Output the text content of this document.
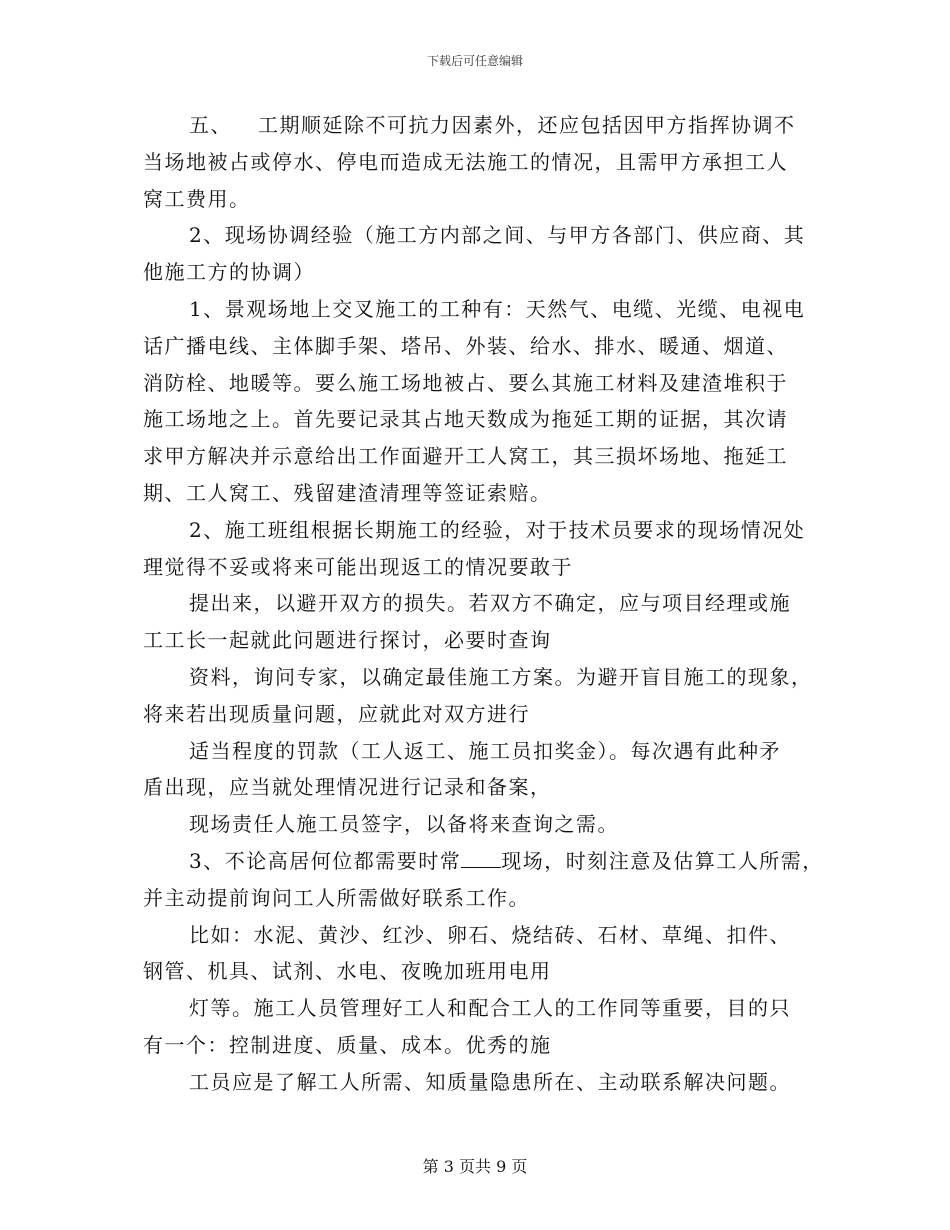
下载后可任意编辑
五、 工期顺延除不可抗力因素外，还应包括因甲方指挥协调不
当场地被占或停水、停电而造成无法施工的情况，且需甲方承担工人
窝工费用。
2、现场协调经验（施工方内部之间、与甲方各部门、供应商、其
他施工方的协调）
1、景观场地上交叉施工的工种有：天然气、电缆、光缆、电视电
话广播电线、主体脚手架、塔吊、外装、给水、排水、暖通、烟道、
消防栓、地暖等。要么施工场地被占、要么其施工材料及建渣堆积于
施工场地之上。首先要记录其占地天数成为拖延工期的证据，其次请
求甲方解决并示意给出工作面避开工人窝工，其三损坏场地、拖延工
期、工人窝工、残留建渣清理等签证索赔。
2、施工班组根据长期施工的经验，对于技术员要求的现场情况处
理觉得不妥或将来可能出现返工的情况要敢于
提出来，以避开双方的损失。若双方不确定，应与项目经理或施
工工长一起就此问题进行探讨，必要时查询
资料，询问专家，以确定最佳施工方案。为避开盲目施工的现象，
将来若出现质量问题，应就此对双方进行
适当程度的罚款（工人返工、施工员扣奖金）。每次遇有此种矛
盾出现，应当就处理情况进行记录和备案，
现场责任人施工员签字，以备将来查询之需。
3、不论高居何位都需要时常 现场，时刻注意及估算工人所需，
并主动提前询问工人所需做好联系工作。
比如：水泥、黄沙、红沙、卵石、烧结砖、石材、草绳、扣件、
钢管、机具、试剂、水电、夜晚加班用电用
灯等。施工人员管理好工人和配合工人的工作同等重要，目的只
有一个：控制进度、质量、成本。优秀的施
工员应是了解工人所需、知质量隐患所在、主动联系解决问题。
第 3 页共 9 页
